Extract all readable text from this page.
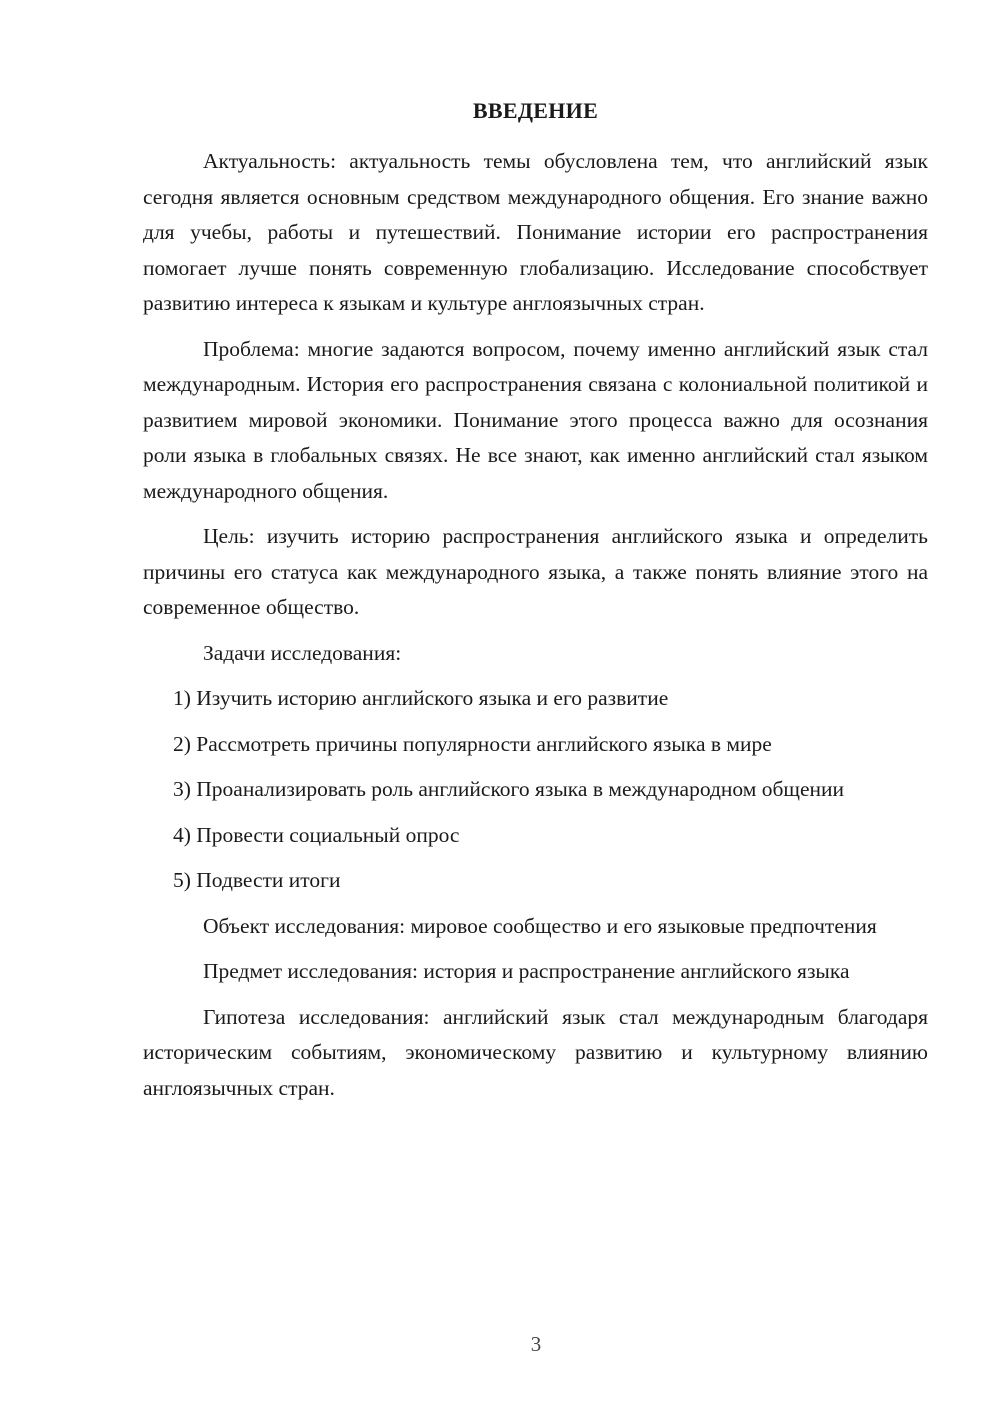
ВВЕДЕНИЕ

Актуальность: актуальность темы обусловлена тем, что английский язык сегодня является основным средством международного общения. Его знание важно для учебы, работы и путешествий. Понимание истории его распространения помогает лучше понять современную глобализацию. Исследование способствует развитию интереса к языкам и культуре англоязычных стран.

Проблема: многие задаются вопросом, почему именно английский язык стал международным. История его распространения связана с колониальной политикой и развитием мировой экономики. Понимание этого процесса важно для осознания роли языка в глобальных связях. Не все знают, как именно английский стал языком международного общения.

Цель: изучить историю распространения английского языка и определить причины его статуса как международного языка, а также понять влияние этого на современное общество.

Задачи исследования:

1) Изучить историю английского языка и его развитие

2) Рассмотреть причины популярности английского языка в мире

3) Проанализировать роль английского языка в международном общении

4) Провести социальный опрос

5) Подвести итоги

Объект исследования: мировое сообщество и его языковые предпочтения

Предмет исследования: история и распространение английского языка

Гипотеза исследования: английский язык стал международным благодаря историческим событиям, экономическому развитию и культурному влиянию англоязычных стран.

3
